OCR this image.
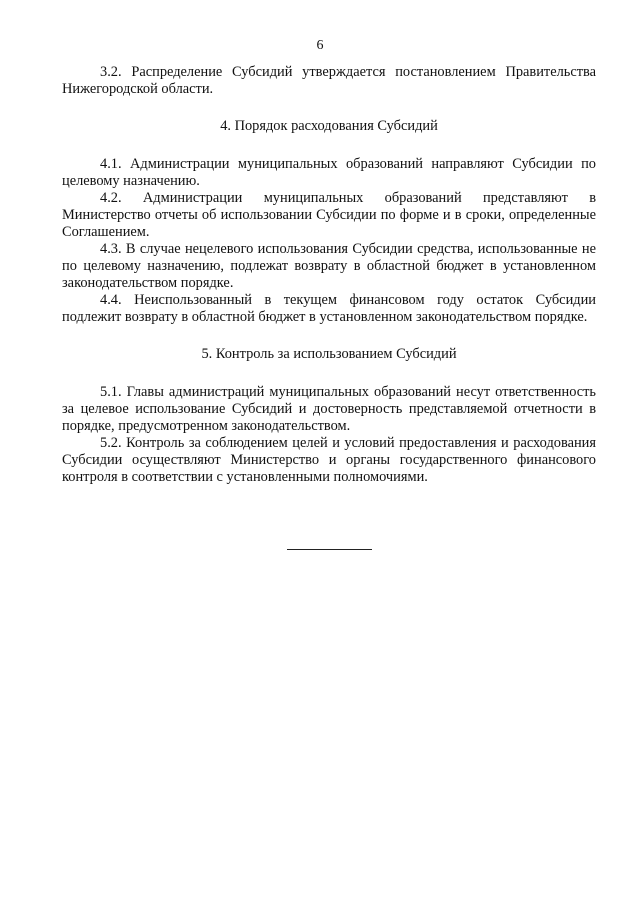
6

3.2. Распределение Субсидий утверждается постановлением Правительства Нижегородской области.

4. Порядок расходования Субсидий

4.1. Администрации муниципальных образований направляют Субсидии по целевому назначению.

4.2. Администрации муниципальных образований представляют в Министерство отчеты об использовании Субсидии по форме и в сроки, определенные Соглашением.

4.3. В случае нецелевого использования Субсидии средства, использованные не по целевому назначению, подлежат возврату в областной бюджет в установленном законодательством порядке.

4.4. Неиспользованный в текущем финансовом году остаток Субсидии подлежит возврату в областной бюджет в установленном законодательством порядке.

5. Контроль за использованием Субсидий

5.1. Главы администраций муниципальных образований несут ответственность за целевое использование Субсидий и достоверность представляемой отчетности в порядке, предусмотренном законодательством.

5.2. Контроль за соблюдением целей и условий предоставления и расходования Субсидии осуществляют Министерство и органы государственного финансового контроля в соответствии с установленными полномочиями.
